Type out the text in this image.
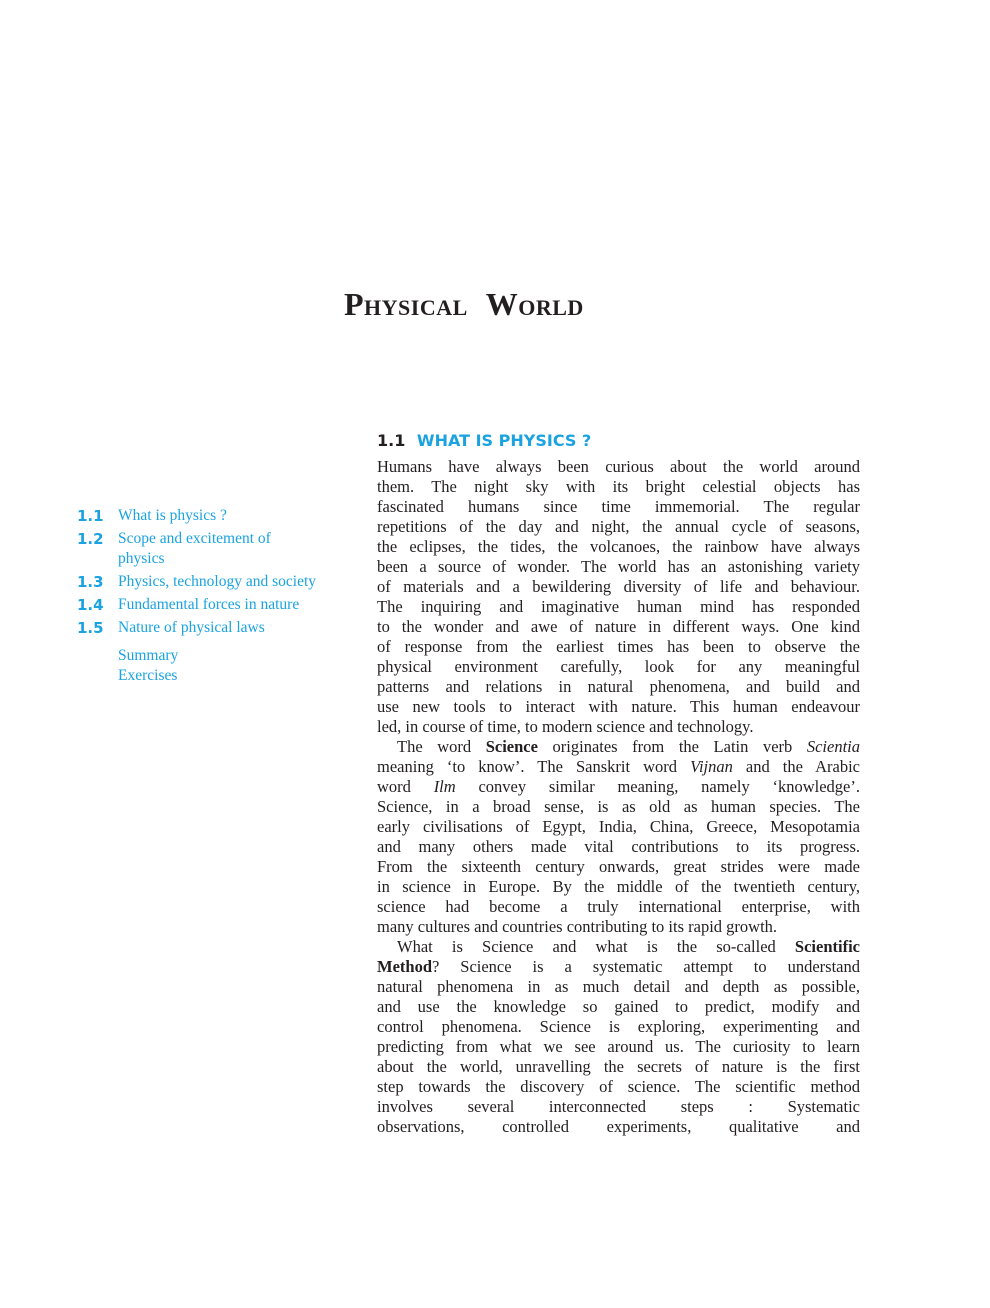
Physical World
1.1 What is physics ?
1.2 Scope and excitement of physics
1.3 Physics, technology and society
1.4 Fundamental forces in nature
1.5 Nature of physical laws
Summary
Exercises
1.1 WHAT IS PHYSICS ?
Humans have always been curious about the world around
them. The night sky with its bright celestial objects has
fascinated humans since time immemorial. The regular
repetitions of the day and night, the annual cycle of seasons,
the eclipses, the tides, the volcanoes, the rainbow have always
been a source of wonder. The world has an astonishing variety
of materials and a bewildering diversity of life and behaviour.
The inquiring and imaginative human mind has responded
to the wonder and awe of nature in different ways. One kind
of response from the earliest times has been to observe the
physical environment carefully, look for any meaningful
patterns and relations in natural phenomena, and build and
use new tools to interact with nature. This human endeavour
led, in course of time, to modern science and technology.
The word Science originates from the Latin verb Scientia
meaning ‘to know’. The Sanskrit word Vijnan and the Arabic
word Ilm convey similar meaning, namely ‘knowledge’.
Science, in a broad sense, is as old as human species. The
early civilisations of Egypt, India, China, Greece, Mesopotamia
and many others made vital contributions to its progress.
From the sixteenth century onwards, great strides were made
in science in Europe. By the middle of the twentieth century,
science had become a truly international enterprise, with
many cultures and countries contributing to its rapid growth.
What is Science and what is the so-called Scientific
Method? Science is a systematic attempt to understand
natural phenomena in as much detail and depth as possible,
and use the knowledge so gained to predict, modify and
control phenomena. Science is exploring, experimenting and
predicting from what we see around us. The curiosity to learn
about the world, unravelling the secrets of nature is the first
step towards the discovery of science. The scientific method
involves several interconnected steps : Systematic
observations, controlled experiments, qualitative and
